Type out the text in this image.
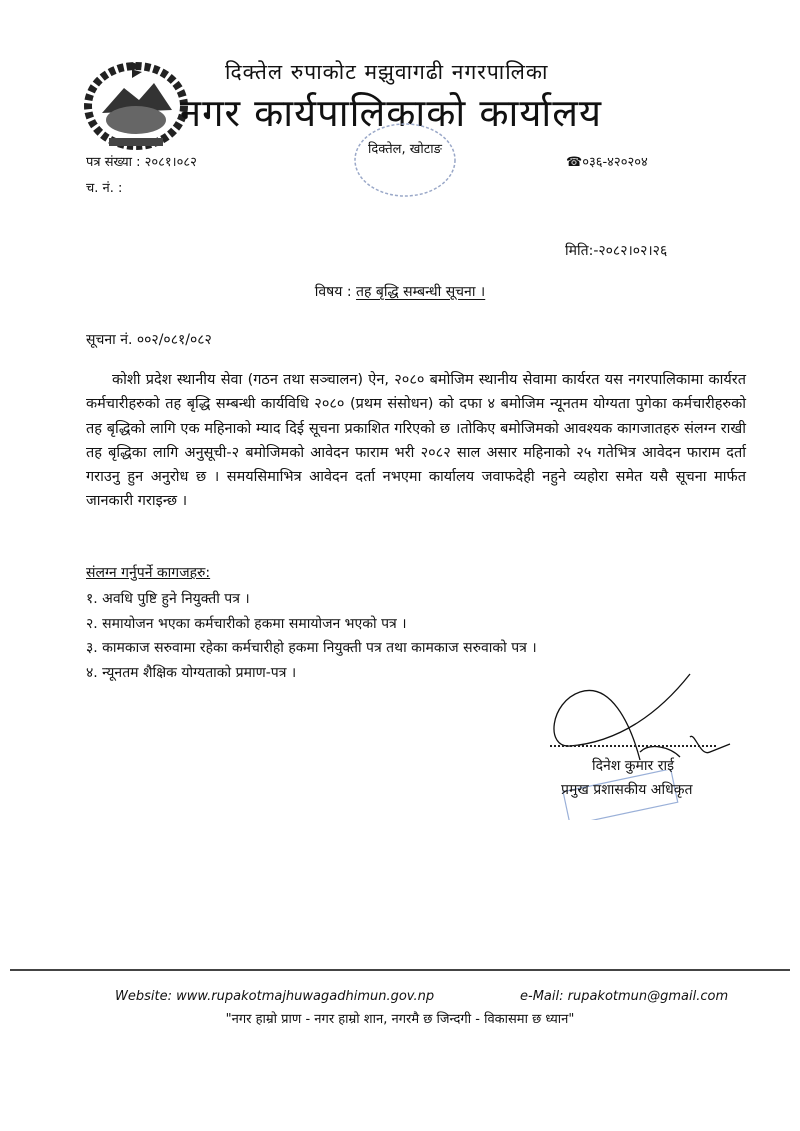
दिक्तेल रुपाकोट मझुवागढी नगरपालिका
नगर कार्यपालिकाको कार्यालय
दिक्तेल, खोटाङ
पत्र संख्या : २०८१।०८२
च. नं. :
☎०३६-४२०२०४
मिति:-२०८२।०२।२६
विषय : तह बृद्धि सम्बन्धी सूचना ।
सूचना नं. ००२/०८१/०८२
कोशी प्रदेश स्थानीय सेवा (गठन तथा सञ्चालन) ऐन, २०८० बमोजिम स्थानीय सेवामा कार्यरत यस नगरपालिकामा कार्यरत कर्मचारीहरुको तह बृद्धि सम्बन्धी कार्यविधि २०८० (प्रथम संसोधन) को दफा ४ बमोजिम न्यूनतम योग्यता पुगेका कर्मचारीहरुको तह बृद्धिको लागि एक महिनाको म्याद दिई सूचना प्रकाशित गरिएको छ ।तोकिए बमोजिमको आवश्यक कागजातहरु संलग्न राखी तह बृद्धिका लागि अनुसूची-२ बमोजिमको आवेदन फाराम भरी २०८२ साल असार महिनाको २५ गतेभित्र आवेदन फाराम दर्ता गराउनु हुन अनुरोध छ । समयसिमाभित्र आवेदन दर्ता नभएमा कार्यालय जवाफदेही नहुने व्यहोरा समेत यसै सूचना मार्फत जानकारी गराइन्छ ।
संलग्न गर्नुपर्ने कागजहरु:
१. अवधि पुष्टि हुने नियुक्ती पत्र ।
२. समायोजन भएका कर्मचारीको हकमा समायोजन भएको पत्र ।
३. कामकाज सरुवामा रहेका कर्मचारीहो हकमा नियुक्ती पत्र तथा कामकाज सरुवाको पत्र ।
४. न्यूनतम शैक्षिक योग्यताको प्रमाण-पत्र ।
दिनेश कुमार राई
प्रमुख प्रशासकीय अधिकृत
Website: www.rupakotmajhuwagadhimun.gov.np	e-Mail: rupakotmun@gmail.com
"नगर हाम्रो प्राण - नगर हाम्रो शान, नगरमै छ जिन्दगी - विकासमा छ ध्यान"
